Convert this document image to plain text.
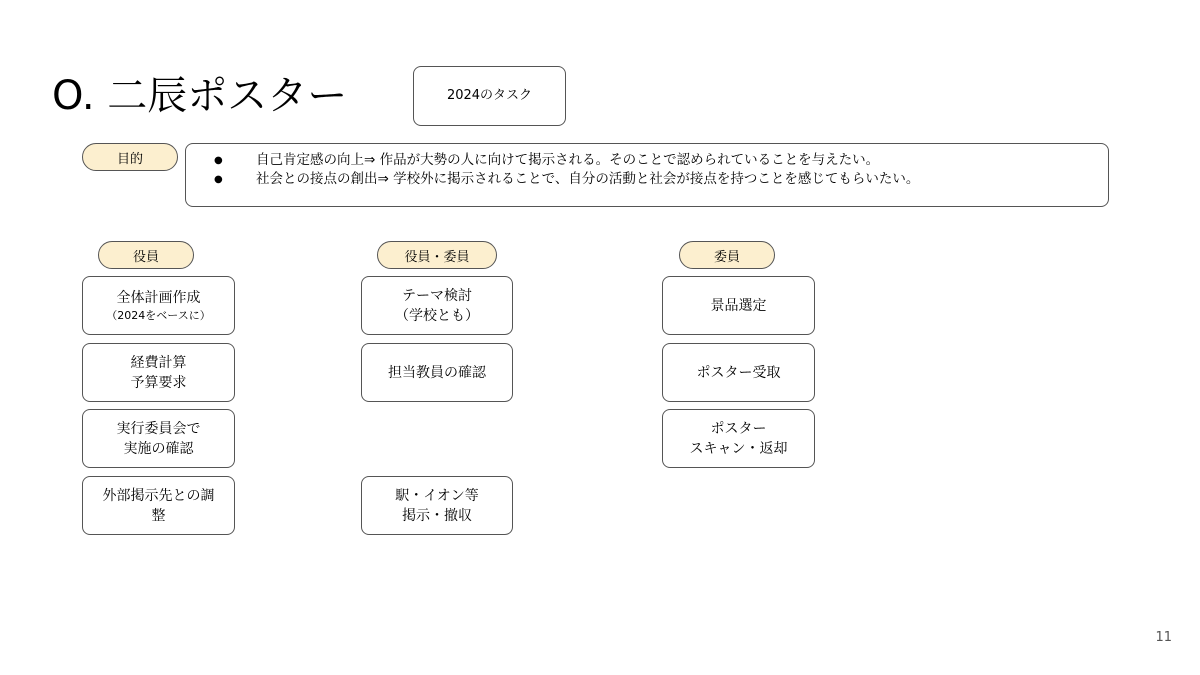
O. 二辰ポスター	2024のタスク
目的
●	自己肯定感の向上⇒ 作品が大勢の人に向けて掲示される。そのことで認められていることを与えたい。
● 社会との接点の創出⇒ 学校外に掲示されることで、自分の活動と社会が接点を持つことを感じてもらいたい。
役員
全体計画作成
（2024をベースに）
経費計算
予算要求
実行委員会で
実施の確認
外部掲示先との調
整
役員・委員
テーマ検討
（学校とも）
担当教員の確認
駅・イオン等
掲示・撤収
委員
景品選定
ポスター受取
ポスター
スキャン・返却
11
